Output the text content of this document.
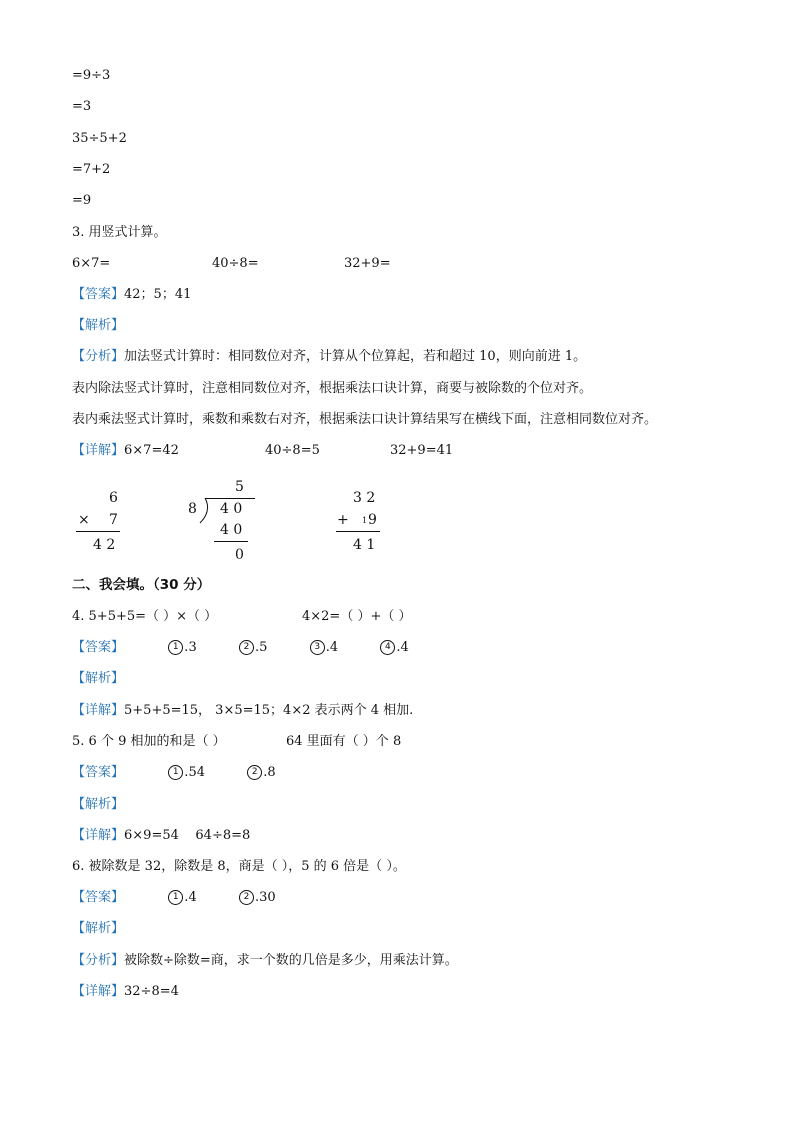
=9÷3
=3
35÷5+2
=7+2
=9
3. 用竖式计算。
6×7=	40÷8=	32+9=
【答案】42；5；41
【解析】
【分析】加法竖式计算时：相同数位对齐，计算从个位算起，若和超过 10，则向前进 1。
表内除法竖式计算时，注意相同数位对齐，根据乘法口诀计算，商要与被除数的个位对齐。
表内乘法竖式计算时，乘数和乘数右对齐，根据乘法口诀计算结果写在横线下面，注意相同数位对齐。
【详解】6×7=42	40÷8=5	32+9=41
6
× 7
4 2
5
8 4 0
4 0
0
3 2
+ 1 9
4 1
二、我会填。（30 分）
4. 5+5+5=（ ）×（ ）	4×2=（ ）+（ ）
【答案】	1 .3	2 .5	3 .4	4 .4
【解析】
【详解】5+5+5=15， 3×5=15；4×2 表示两个 4 相加.
5. 6 个 9 相加的和是（ ）	64 里面有（ ）个 8
【答案】	1 .54	2 .8
【解析】
【详解】6×9=54    64÷8=8
6. 被除数是 32，除数是 8，商是（ ），5 的 6 倍是（ ）。
【答案】	1 .4	2 .30
【解析】
【分析】被除数÷除数=商，求一个数的几倍是多少，用乘法计算。
【详解】32÷8=4
